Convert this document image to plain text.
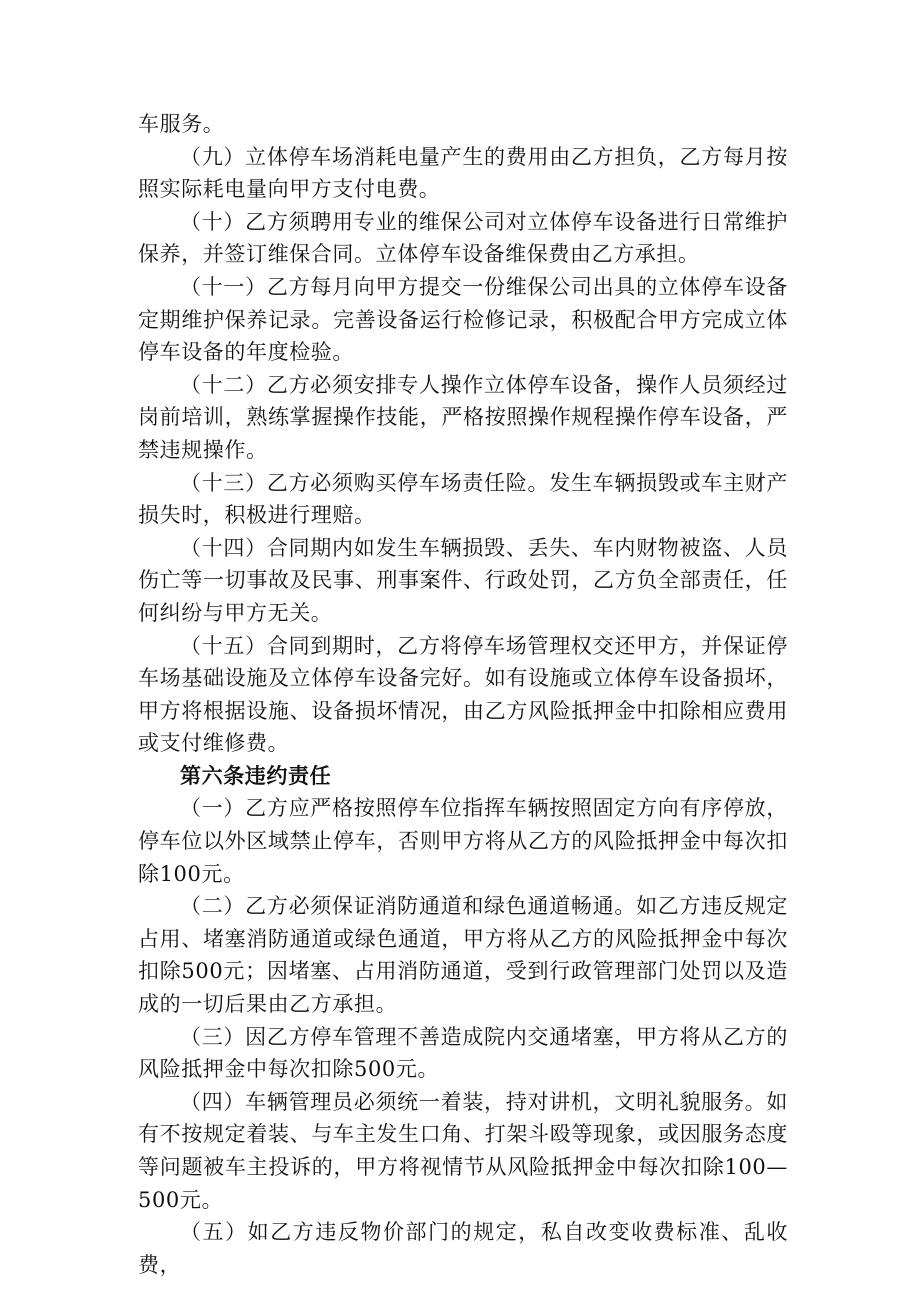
车服务。

（九）立体停车场消耗电量产生的费用由乙方担负，乙方每月按照实际耗电量向甲方支付电费。

（十）乙方须聘用专业的维保公司对立体停车设备进行日常维护保养，并签订维保合同。立体停车设备维保费由乙方承担。

（十一）乙方每月向甲方提交一份维保公司出具的立体停车设备定期维护保养记录。完善设备运行检修记录，积极配合甲方完成立体停车设备的年度检验。

（十二）乙方必须安排专人操作立体停车设备，操作人员须经过岗前培训，熟练掌握操作技能，严格按照操作规程操作停车设备，严禁违规操作。

（十三）乙方必须购买停车场责任险。发生车辆损毁或车主财产损失时，积极进行理赔。

（十四）合同期内如发生车辆损毁、丢失、车内财物被盗、人员伤亡等一切事故及民事、刑事案件、行政处罚，乙方负全部责任，任何纠纷与甲方无关。

（十五）合同到期时，乙方将停车场管理权交还甲方，并保证停车场基础设施及立体停车设备完好。如有设施或立体停车设备损坏，甲方将根据设施、设备损坏情况，由乙方风险抵押金中扣除相应费用或支付维修费。

第六条违约责任

（一）乙方应严格按照停车位指挥车辆按照固定方向有序停放，停车位以外区域禁止停车，否则甲方将从乙方的风险抵押金中每次扣除100元。

（二）乙方必须保证消防通道和绿色通道畅通。如乙方违反规定占用、堵塞消防通道或绿色通道，甲方将从乙方的风险抵押金中每次扣除500元；因堵塞、占用消防通道，受到行政管理部门处罚以及造成的一切后果由乙方承担。

（三）因乙方停车管理不善造成院内交通堵塞，甲方将从乙方的风险抵押金中每次扣除500元。

（四）车辆管理员必须统一着装，持对讲机，文明礼貌服务。如有不按规定着装、与车主发生口角、打架斗殴等现象，或因服务态度等问题被车主投诉的，甲方将视情节从风险抵押金中每次扣除100—500元。

（五）如乙方违反物价部门的规定，私自改变收费标准、乱收费，
